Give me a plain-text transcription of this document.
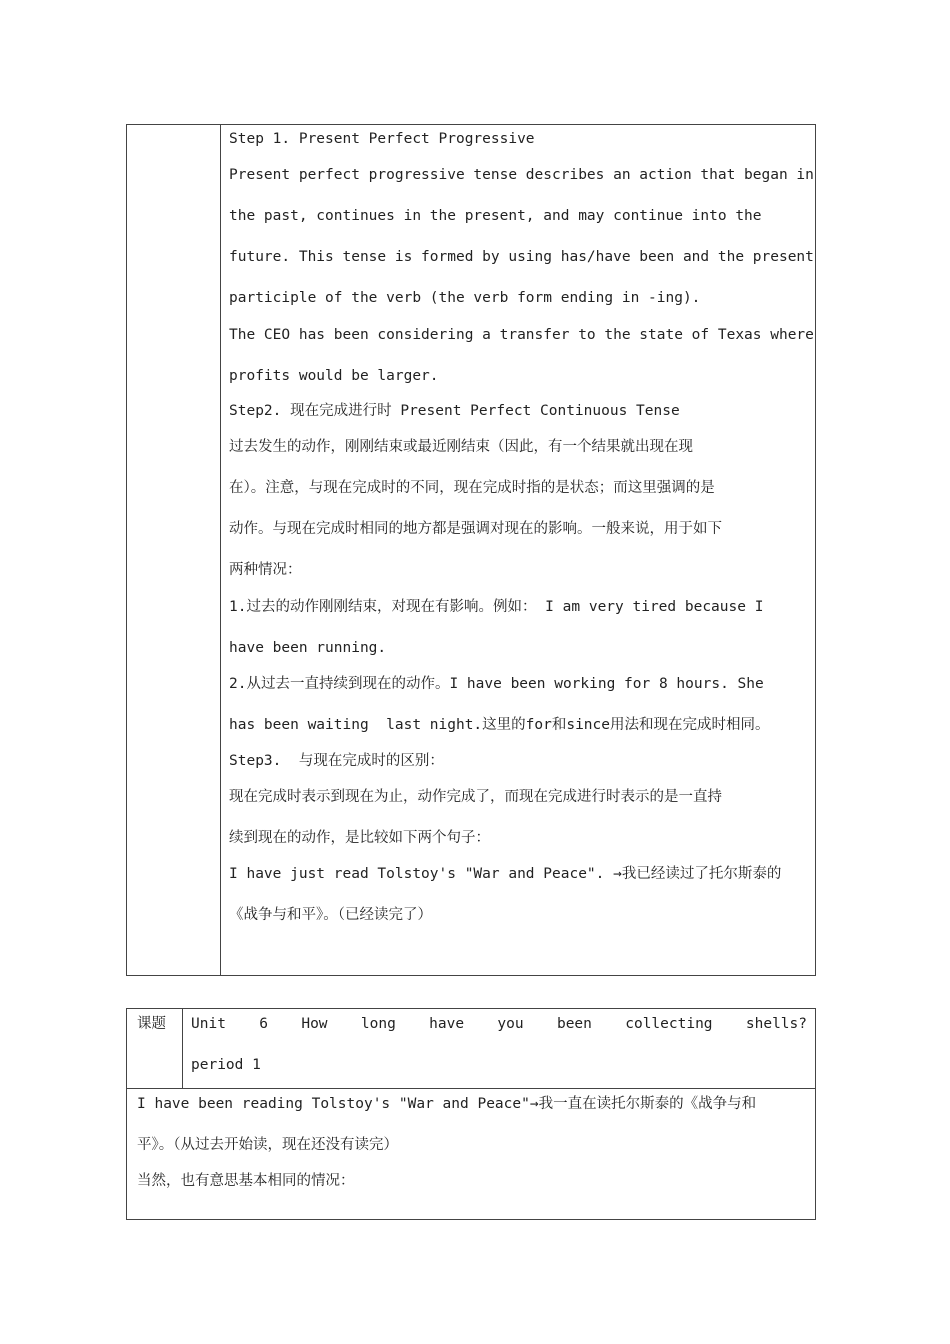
Step 1. Present Perfect Progressive
Present perfect progressive tense describes an action that began in
the past, continues in the present, and may continue into the
future. This tense is formed by using has/have been and the present
participle of the verb (the verb form ending in -ing).
The CEO has been considering a transfer to the state of Texas where
profits would be larger.
Step2. 现在完成进行时 Present Perfect Continuous Tense
过去发生的动作，刚刚结束或最近刚结束（因此，有一个结果就出现在现
在）。注意，与现在完成时的不同，现在完成时指的是状态；而这里强调的是
动作。与现在完成时相同的地方都是强调对现在的影响。一般来说，用于如下
两种情况：
1.过去的动作刚刚结束，对现在有影响。例如： I am very tired because I
have been running.
2.从过去一直持续到现在的动作。I have been working for 8 hours. She
has been waiting  last night.这里的for和since用法和现在完成时相同。
Step3.  与现在完成时的区别：
现在完成时表示到现在为止，动作完成了，而现在完成进行时表示的是一直持
续到现在的动作，是比较如下两个句子：
I have just read Tolstoy's "War and Peace". →我已经读过了托尔斯泰的
《战争与和平》。（已经读完了）
课题 Unit 6 How long have you been collecting shells?
period 1
I have been reading Tolstoy's "War and Peace"→我一直在读托尔斯泰的《战争与和
平》。（从过去开始读，现在还没有读完）
当然，也有意思基本相同的情况：
